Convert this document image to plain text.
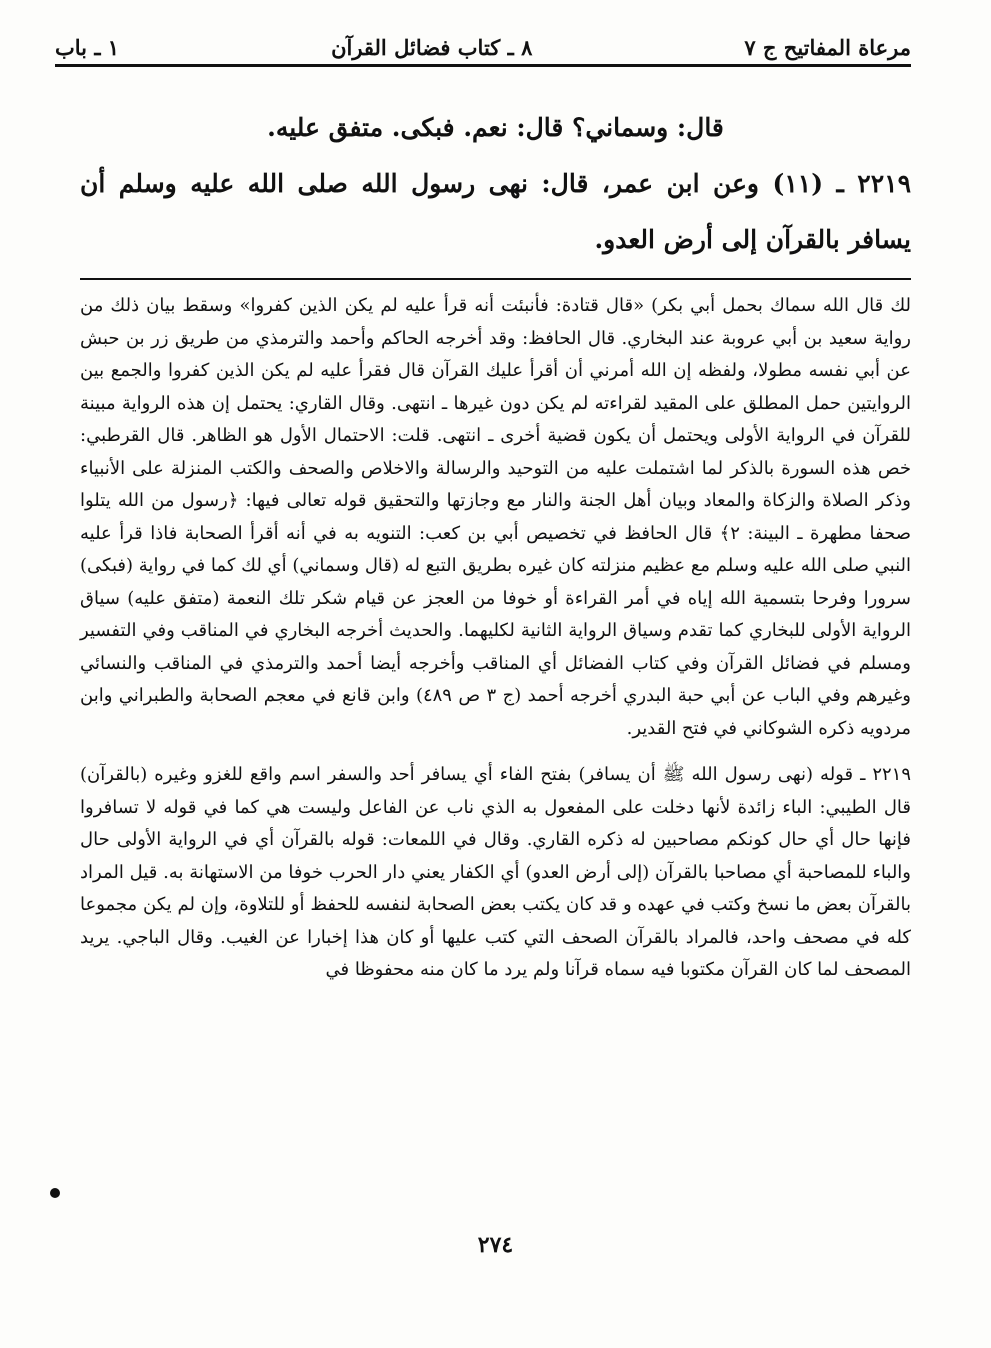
مرعاة المفاتيح ج ٧
٨ ـ كتاب فضائل القرآن
١ ـ باب

قال: وسماني؟ قال: نعم. فبكى. متفق عليه.

٢٢١٩ ـ (١١) وعن ابن عمر، قال: نهى رسول الله صلى الله عليه وسلم أن يسافر بالقرآن إلى أرض العدو.

لك قال الله سماك بحمل أبي بكر) «قال قتادة: فأنبئت أنه قرأ عليه لم يكن الذين كفروا» وسقط بيان ذلك من رواية سعيد بن أبي عروبة عند البخاري. قال الحافظ: وقد أخرجه الحاكم وأحمد والترمذي من طريق زر بن حبش عن أبي نفسه مطولا، ولفظه إن الله أمرني أن أقرأ عليك القرآن قال فقرأ عليه لم يكن الذين كفروا والجمع بين الروايتين حمل المطلق على المقيد لقراءته لم يكن دون غيرها ـ انتهى. وقال القاري: يحتمل إن هذه الرواية مبينة للقرآن في الرواية الأولى ويحتمل أن يكون قضية أخرى ـ انتهى. قلت: الاحتمال الأول هو الظاهر. قال القرطبي: خص هذه السورة بالذكر لما اشتملت عليه من التوحيد والرسالة والاخلاص والصحف والكتب المنزلة على الأنبياء وذكر الصلاة والزكاة والمعاد وبيان أهل الجنة والنار مع وجازتها والتحقيق قوله تعالى فيها: ﴿رسول من الله يتلوا صحفا مطهرة ـ البينة: ٢﴾ قال الحافظ في تخصيص أبي بن كعب: التنويه به في أنه أقرأ الصحابة فاذا قرأ عليه النبي صلى الله عليه وسلم مع عظيم منزلته كان غيره بطريق التبع له (قال وسماني) أي لك كما في رواية (فبكى) سرورا وفرحا بتسمية الله إياه في أمر القراءة أو خوفا من العجز عن قيام شكر تلك النعمة (متفق عليه) سياق الرواية الأولى للبخاري كما تقدم وسياق الرواية الثانية لكليهما. والحديث أخرجه البخاري في المناقب وفي التفسير ومسلم في فضائل القرآن وفي كتاب الفضائل أي المناقب وأخرجه أيضا أحمد والترمذي في المناقب والنسائي وغيرهم وفي الباب عن أبي حبة البدري أخرجه أحمد (ج ٣ ص ٤٨٩) وابن قانع في معجم الصحابة والطبراني وابن مردويه ذكره الشوكاني في فتح القدير.

٢٢١٩ ـ قوله (نهى رسول الله ﷺ أن يسافر) بفتح الفاء أي يسافر أحد والسفر اسم واقع للغزو وغيره (بالقرآن) قال الطيبي: الباء زائدة لأنها دخلت على المفعول به الذي ناب عن الفاعل وليست هي كما في قوله لا تسافروا فإنها حال أي حال كونكم مصاحبين له ذكره القاري. وقال في اللمعات: قوله بالقرآن أي في الرواية الأولى حال والباء للمصاحبة أي مصاحبا بالقرآن (إلى أرض العدو) أي الكفار يعني دار الحرب خوفا من الاستهانة به. قيل المراد بالقرآن بعض ما نسخ وكتب في عهده و قد كان يكتب بعض الصحابة لنفسه للحفظ أو للتلاوة، وإن لم يكن مجموعا كله في مصحف واحد، فالمراد بالقرآن الصحف التي كتب عليها أو كان هذا إخبارا عن الغيب. وقال الباجي. يريد المصحف لما كان القرآن مكتوبا فيه سماه قرآنا ولم يرد ما كان منه محفوظا في

٢٧٤
